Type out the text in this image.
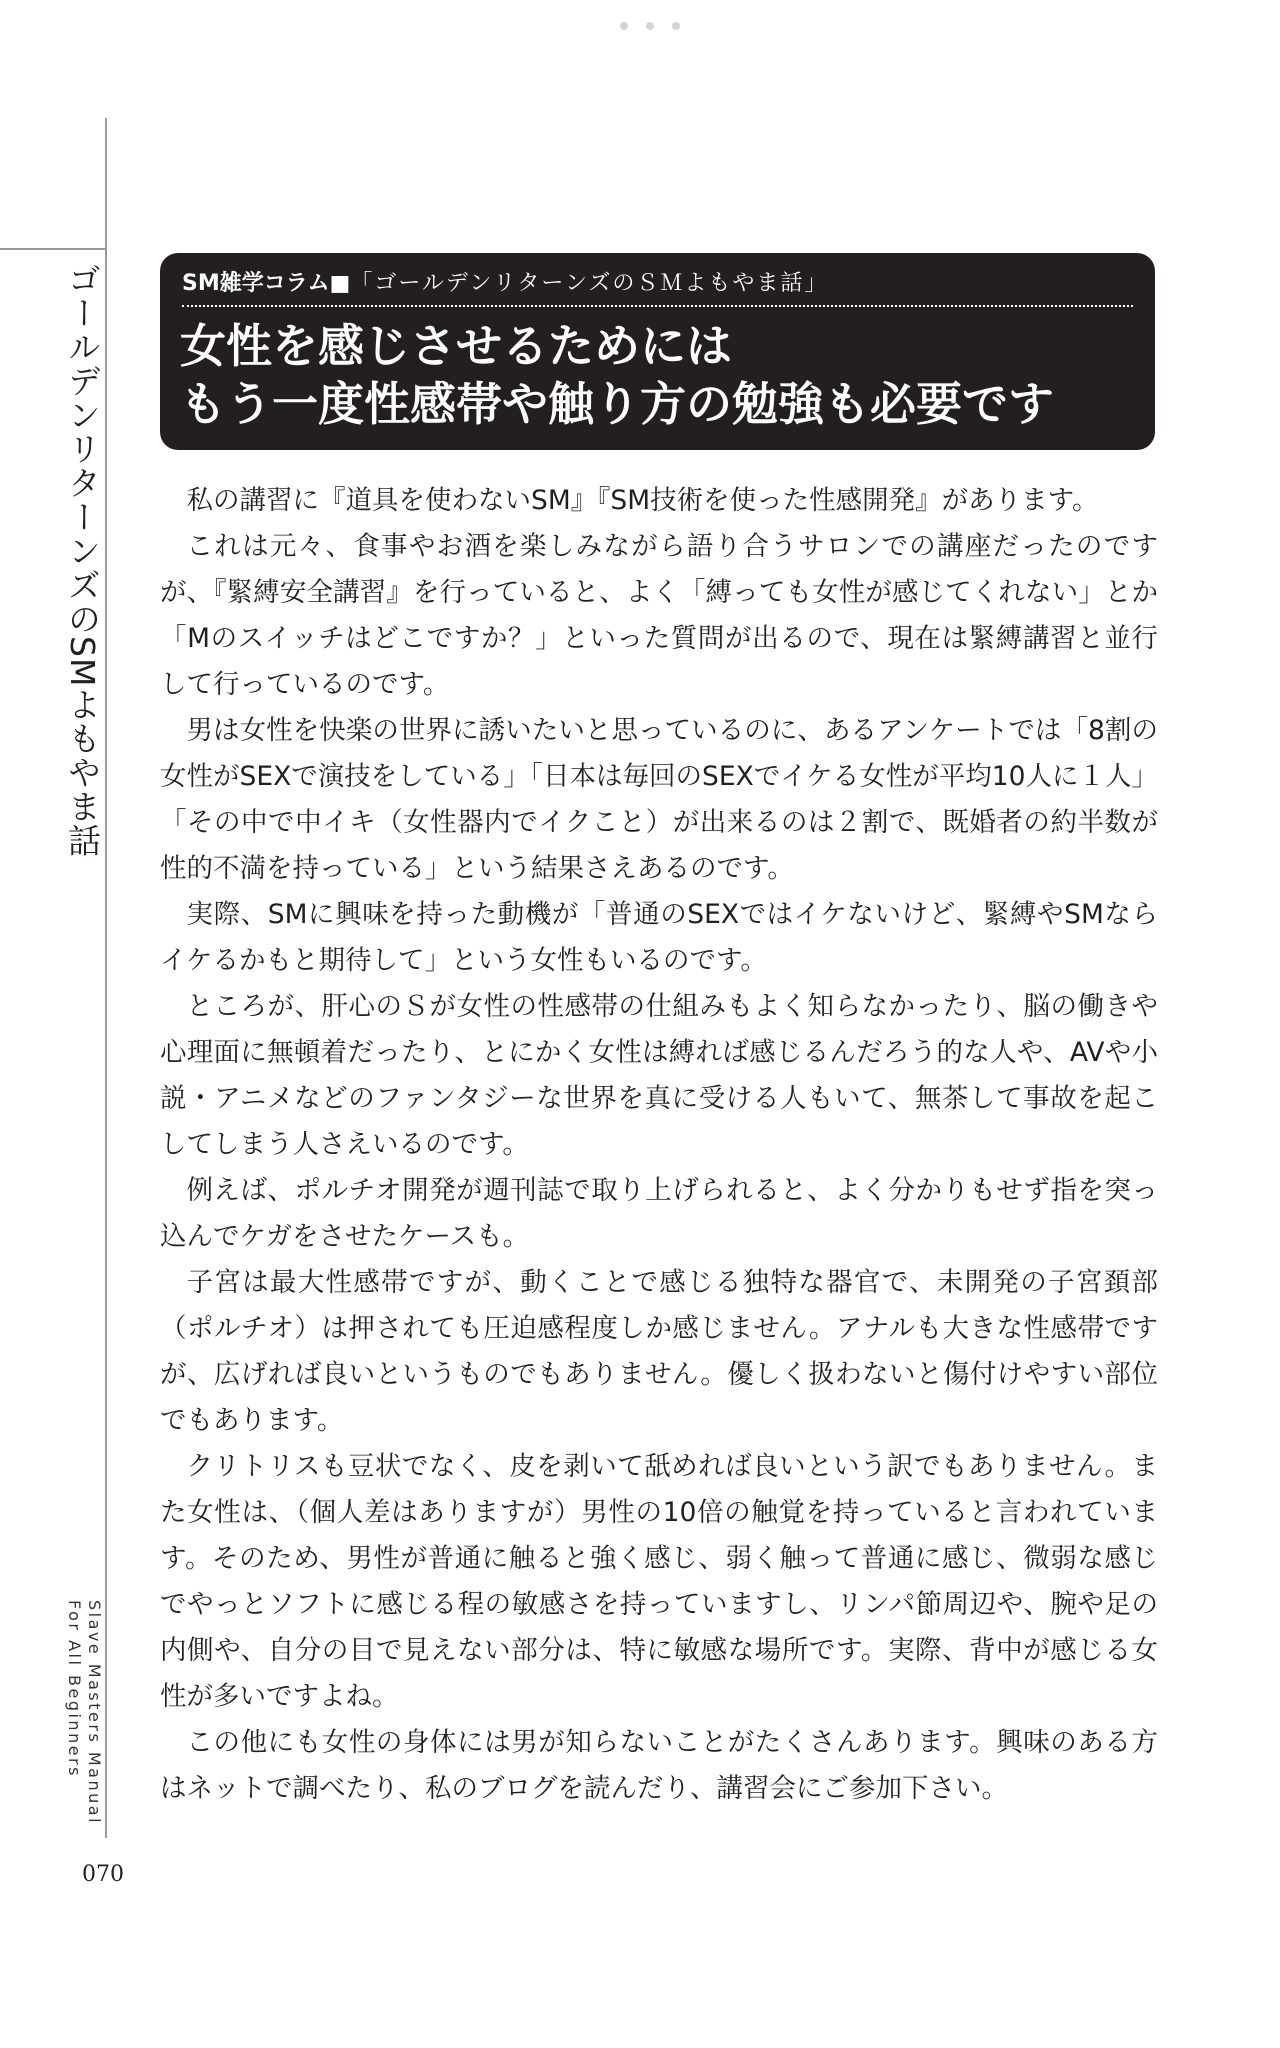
ゴールデンリターンズのSMよもやま話
Slave Masters Manual
For All Beginners
SM雑学コラム■「ゴールデンリターンズのＳＭよもやま話」
女性を感じさせるためには
もう一度性感帯や触り方の勉強も必要です

私の講習に『道具を使わないSM』『SM技術を使った性感開発』があります。

これは元々、食事やお酒を楽しみながら語り合うサロンでの講座だったのですが、『緊縛安全講習』を行っていると、よく「縛っても女性が感じてくれない」とか「Mのスイッチはどこですか？」といった質問が出るので、現在は緊縛講習と並行して行っているのです。

男は女性を快楽の世界に誘いたいと思っているのに、あるアンケートでは「8割の女性がSEXで演技をしている」「日本は毎回のSEXでイケる女性が平均10人に１人」「その中で中イキ（女性器内でイクこと）が出来るのは２割で、既婚者の約半数が性的不満を持っている」という結果さえあるのです。

実際、SMに興味を持った動機が「普通のSEXではイケないけど、緊縛やSMならイケるかもと期待して」という女性もいるのです。

ところが、肝心のＳが女性の性感帯の仕組みもよく知らなかったり、脳の働きや心理面に無頓着だったり、とにかく女性は縛れば感じるんだろう的な人や、AVや小説・アニメなどのファンタジーな世界を真に受ける人もいて、無茶して事故を起こしてしまう人さえいるのです。

例えば、ポルチオ開発が週刊誌で取り上げられると、よく分かりもせず指を突っ込んでケガをさせたケースも。

子宮は最大性感帯ですが、動くことで感じる独特な器官で、未開発の子宮頚部（ポルチオ）は押されても圧迫感程度しか感じません。アナルも大きな性感帯ですが、広げれば良いというものでもありません。優しく扱わないと傷付けやすい部位でもあります。

クリトリスも豆状でなく、皮を剥いて舐めれば良いという訳でもありません。また女性は、（個人差はありますが）男性の10倍の触覚を持っていると言われています。そのため、男性が普通に触ると強く感じ、弱く触って普通に感じ、微弱な感じでやっとソフトに感じる程の敏感さを持っていますし、リンパ節周辺や、腕や足の内側や、自分の目で見えない部分は、特に敏感な場所です。実際、背中が感じる女性が多いですよね。

この他にも女性の身体には男が知らないことがたくさんあります。興味のある方はネットで調べたり、私のブログを読んだり、講習会にご参加下さい。

070
